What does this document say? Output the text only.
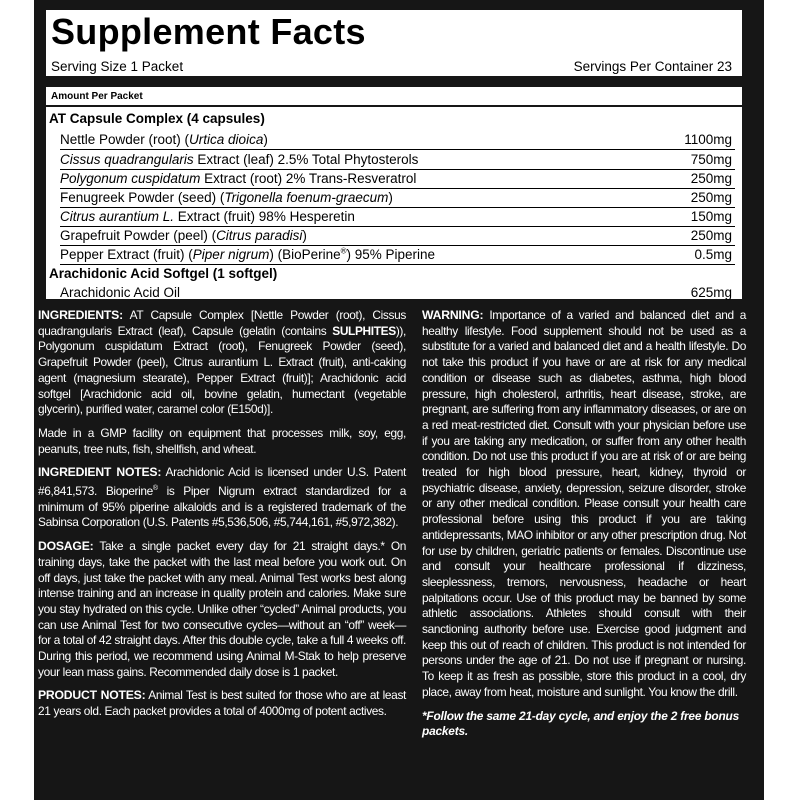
Supplement Facts
Serving Size 1 Packet	Servings Per Container 23
Amount Per Packet
AT Capsule Complex (4 capsules)
Nettle Powder (root) (Urtica dioica)	1100mg
Cissus quadrangularis Extract (leaf) 2.5% Total Phytosterols	750mg
Polygonum cuspidatum Extract (root) 2% Trans-Resveratrol	250mg
Fenugreek Powder (seed) (Trigonella foenum-graecum)	250mg
Citrus aurantium L. Extract (fruit) 98% Hesperetin	150mg
Grapefruit Powder (peel) (Citrus paradisi)	250mg
Pepper Extract (fruit) (Piper nigrum) (BioPerine®) 95% Piperine	0.5mg
Arachidonic Acid Softgel (1 softgel)
Arachidonic Acid Oil	625mg

INGREDIENTS: AT Capsule Complex [Nettle Powder (root), Cissus quadrangularis Extract (leaf), Capsule (gelatin (contains SULPHITES)), Polygonum cuspidatum Extract (root), Fenugreek Powder (seed), Grapefruit Powder (peel), Citrus aurantium L. Extract (fruit), anti-caking agent (magnesium stearate), Pepper Extract (fruit)]; Arachidonic acid softgel [Arachidonic acid oil, bovine gelatin, humectant (vegetable glycerin), purified water, caramel color (E150d)].

Made in a GMP facility on equipment that processes milk, soy, egg, peanuts, tree nuts, fish, shellfish, and wheat.

INGREDIENT NOTES: Arachidonic Acid is licensed under U.S. Patent #6,841,573. Bioperine® is Piper Nigrum extract standardized for a minimum of 95% piperine alkaloids and is a registered trademark of the Sabinsa Corporation (U.S. Patents #5,536,506, #5,744,161, #5,972,382).

DOSAGE: Take a single packet every day for 21 straight days.* On training days, take the packet with the last meal before you work out. On off days, just take the packet with any meal. Animal Test works best along intense training and an increase in quality protein and calories. Make sure you stay hydrated on this cycle. Unlike other “cycled” Animal products, you can use Animal Test for two consecutive cycles—without an “off” week—for a total of 42 straight days. After this double cycle, take a full 4 weeks off. During this period, we recommend using Animal M-Stak to help preserve your lean mass gains. Recommended daily dose is 1 packet.

PRODUCT NOTES: Animal Test is best suited for those who are at least 21 years old. Each packet provides a total of 4000mg of potent actives.

WARNING: Importance of a varied and balanced diet and a healthy lifestyle. Food supplement should not be used as a substitute for a varied and balanced diet and a health lifestyle. Do not take this product if you have or are at risk for any medical condition or disease such as diabetes, asthma, high blood pressure, high cholesterol, arthritis, heart disease, stroke, are pregnant, are suffering from any inflammatory diseases, or are on a red meat-restricted diet. Consult with your physician before use if you are taking any medication, or suffer from any other health condition. Do not use this product if you are at risk of or are being treated for high blood pressure, heart, kidney, thyroid or psychiatric disease, anxiety, depression, seizure disorder, stroke or any other medical condition. Please consult your health care professional before using this product if you are taking antidepressants, MAO inhibitor or any other prescription drug. Not for use by children, geriatric patients or females. Discontinue use and consult your healthcare professional if dizziness, sleeplessness, tremors, nervousness, headache or heart palpitations occur. Use of this product may be banned by some athletic associations. Athletes should consult with their sanctioning authority before use. Exercise good judgment and keep this out of reach of children. This product is not intended for persons under the age of 21. Do not use if pregnant or nursing. To keep it as fresh as possible, store this product in a cool, dry place, away from heat, moisture and sunlight. You know the drill.

*Follow the same 21-day cycle, and enjoy the 2 free bonus packets.
